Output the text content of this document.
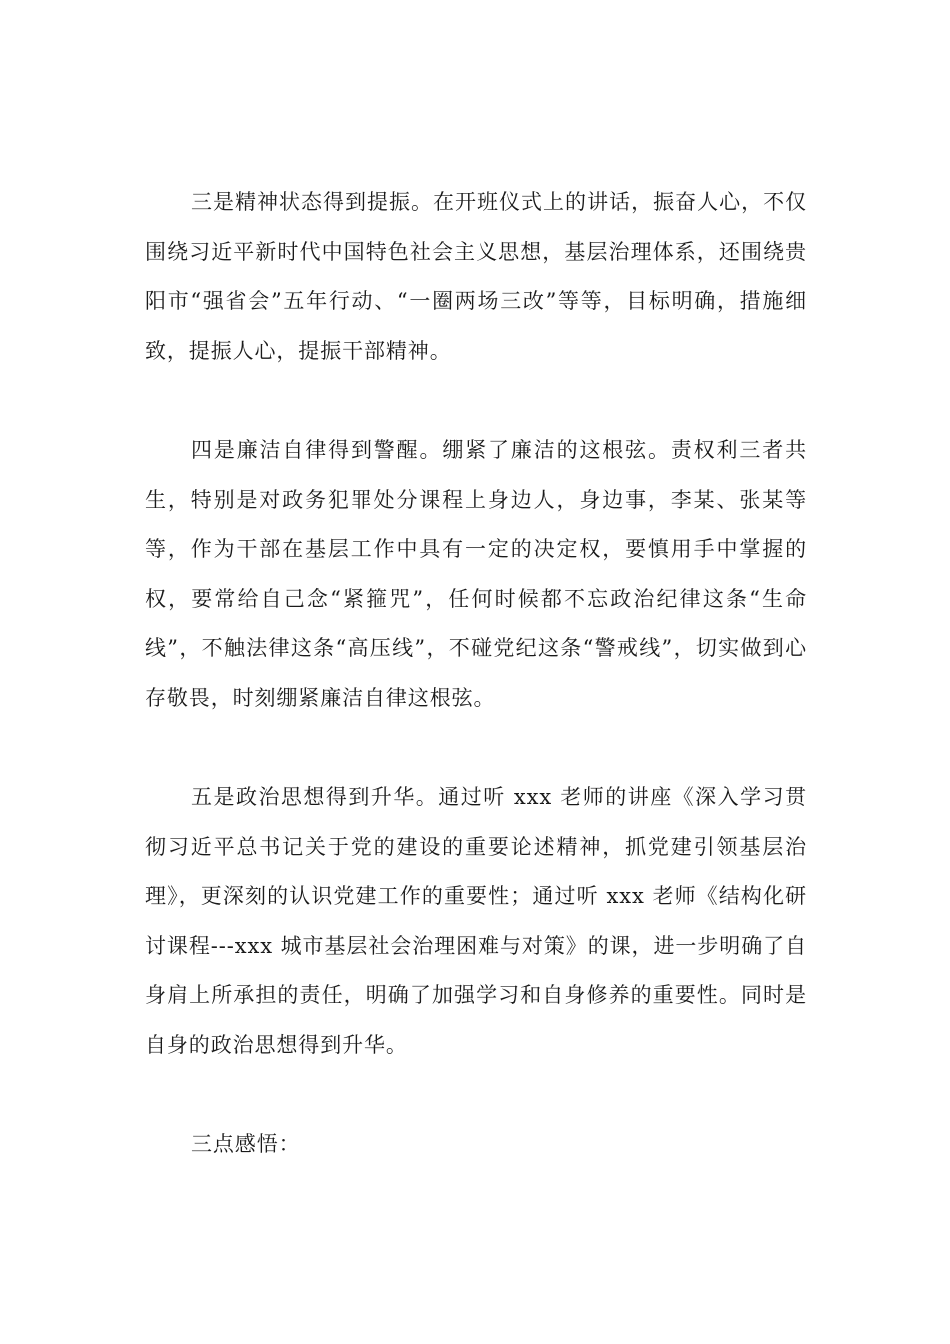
三是精神状态得到提振。在开班仪式上的讲话，振奋人心，不仅围绕习近平新时代中国特色社会主义思想，基层治理体系，还围绕贵阳市“强省会”五年行动、“一圈两场三改”等等，目标明确，措施细致，提振人心，提振干部精神。

四是廉洁自律得到警醒。绷紧了廉洁的这根弦。责权利三者共生，特别是对政务犯罪处分课程上身边人，身边事，李某、张某等等，作为干部在基层工作中具有一定的决定权，要慎用手中掌握的权，要常给自己念“紧箍咒”，任何时候都不忘政治纪律这条“生命线”，不触法律这条“高压线”，不碰党纪这条“警戒线”，切实做到心存敬畏，时刻绷紧廉洁自律这根弦。

五是政治思想得到升华。通过听 xxx 老师的讲座《深入学习贯彻习近平总书记关于党的建设的重要论述精神，抓党建引领基层治理》，更深刻的认识党建工作的重要性；通过听 xxx 老师《结构化研讨课程---xxx 城市基层社会治理困难与对策》的课，进一步明确了自身肩上所承担的责任，明确了加强学习和自身修养的重要性。同时是自身的政治思想得到升华。

三点感悟：
